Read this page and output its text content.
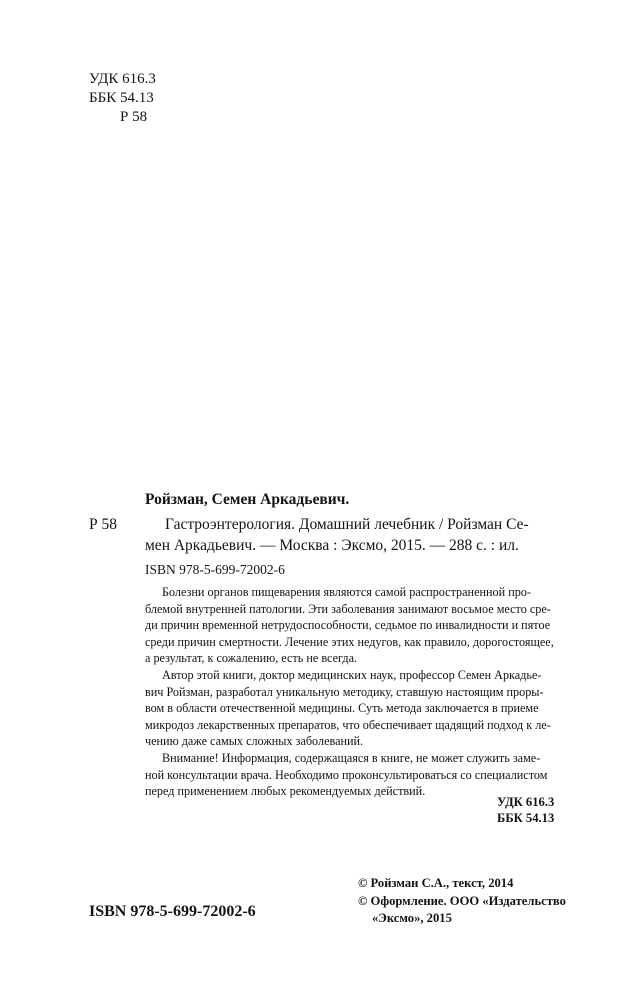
УДК 616.3
ББК 54.13
Р 58
Ройзман, Семен Аркадьевич.
Р 58	Гастроэнтерология. Домашний лечебник / Ройзман Се-
мен Аркадьевич. — Москва : Эксмо, 2015. — 288 с. : ил.
ISBN 978-5-699-72002-6
Болезни органов пищеварения являются самой распространенной про-
блемой внутренней патологии. Эти заболевания занимают восьмое место сре-
ди причин временной нетрудоспособности, седьмое по инвалидности и пятое
среди причин смертности. Лечение этих недугов, как правило, дорогостоящее,
а результат, к сожалению, есть не всегда.
Автор этой книги, доктор медицинских наук, профессор Семен Аркадье-
вич Ройзман, разработал уникальную методику, ставшую настоящим проры-
вом в области отечественной медицины. Суть метода заключается в приеме
микродоз лекарственных препаратов, что обеспечивает щадящий подход к ле-
чению даже самых сложных заболеваний.
Внимание! Информация, содержащаяся в книге, не может служить заме-
ной консультации врача. Необходимо проконсультироваться со специалистом
перед применением любых рекомендуемых действий.
УДК 616.3
ББК 54.13
© Ройзман С.А., текст, 2014
© Оформление. ООО «Издательство
«Эксмо», 2015
ISBN 978-5-699-72002-6
